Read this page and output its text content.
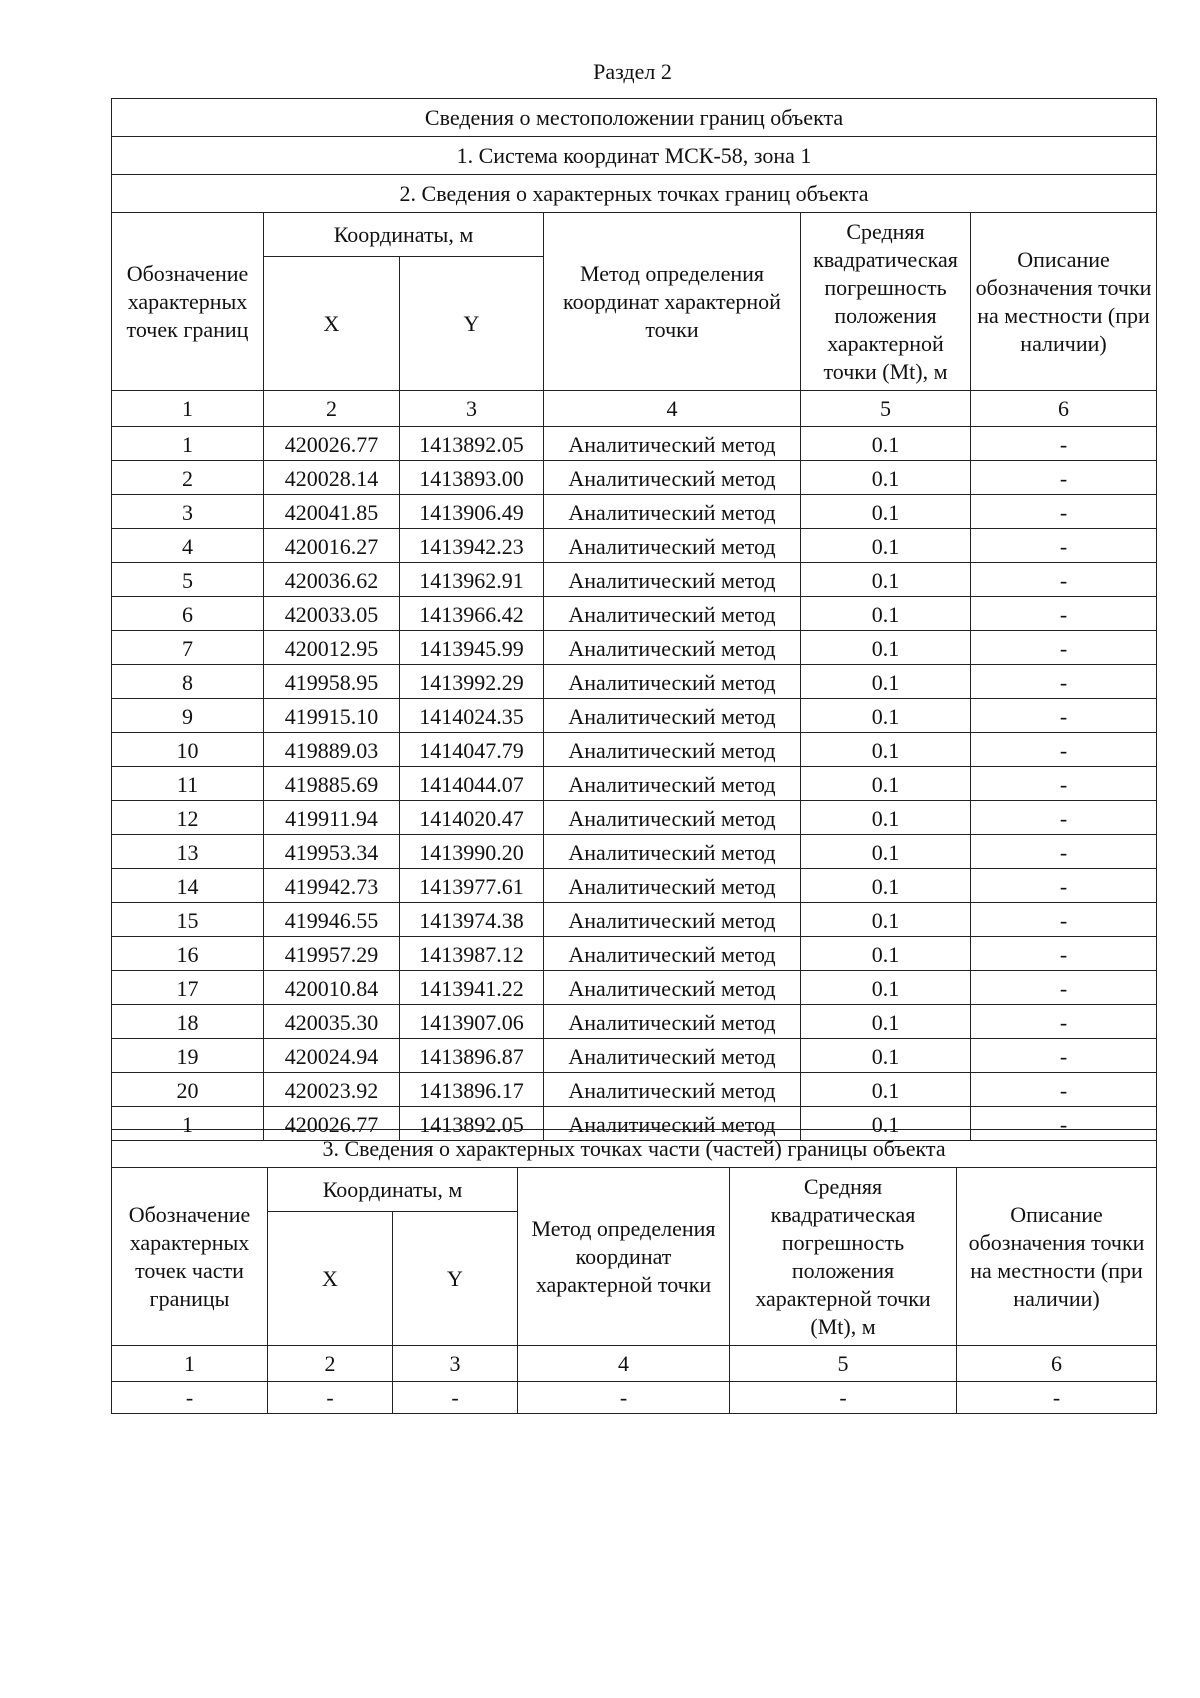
Раздел 2
Сведения о местоположении границ объекта					
1. Система координат МСК-58, зона 1					
2. Сведения о характерных точках границ объекта					
Обозначение характерных точек границ	Координаты, м		Метод определения координат характерной точки	Средняя квадратическая погрешность положения характерной точки (Mt), м	Описание обозначения точки на местности (при наличии)
	X	Y			
1	2	3	4	5	6
1	420026.77	1413892.05	Аналитический метод	0.1	-
2	420028.14	1413893.00	Аналитический метод	0.1	-
3	420041.85	1413906.49	Аналитический метод	0.1	-
4	420016.27	1413942.23	Аналитический метод	0.1	-
5	420036.62	1413962.91	Аналитический метод	0.1	-
6	420033.05	1413966.42	Аналитический метод	0.1	-
7	420012.95	1413945.99	Аналитический метод	0.1	-
8	419958.95	1413992.29	Аналитический метод	0.1	-
9	419915.10	1414024.35	Аналитический метод	0.1	-
10	419889.03	1414047.79	Аналитический метод	0.1	-
11	419885.69	1414044.07	Аналитический метод	0.1	-
12	419911.94	1414020.47	Аналитический метод	0.1	-
13	419953.34	1413990.20	Аналитический метод	0.1	-
14	419942.73	1413977.61	Аналитический метод	0.1	-
15	419946.55	1413974.38	Аналитический метод	0.1	-
16	419957.29	1413987.12	Аналитический метод	0.1	-
17	420010.84	1413941.22	Аналитический метод	0.1	-
18	420035.30	1413907.06	Аналитический метод	0.1	-
19	420024.94	1413896.87	Аналитический метод	0.1	-
20	420023.92	1413896.17	Аналитический метод	0.1	-
1	420026.77	1413892.05	Аналитический метод	0.1	-
3. Сведения о характерных точках части (частей) границы объекта					
Обозначение характерных точек части границы	Координаты, м		Метод определения координат характерной точки	Средняя квадратическая погрешность положения характерной точки (Mt), м	Описание обозначения точки на местности (при наличии)
	X	Y			
1	2	3	4	5	6
-	-	-	-	-	-
